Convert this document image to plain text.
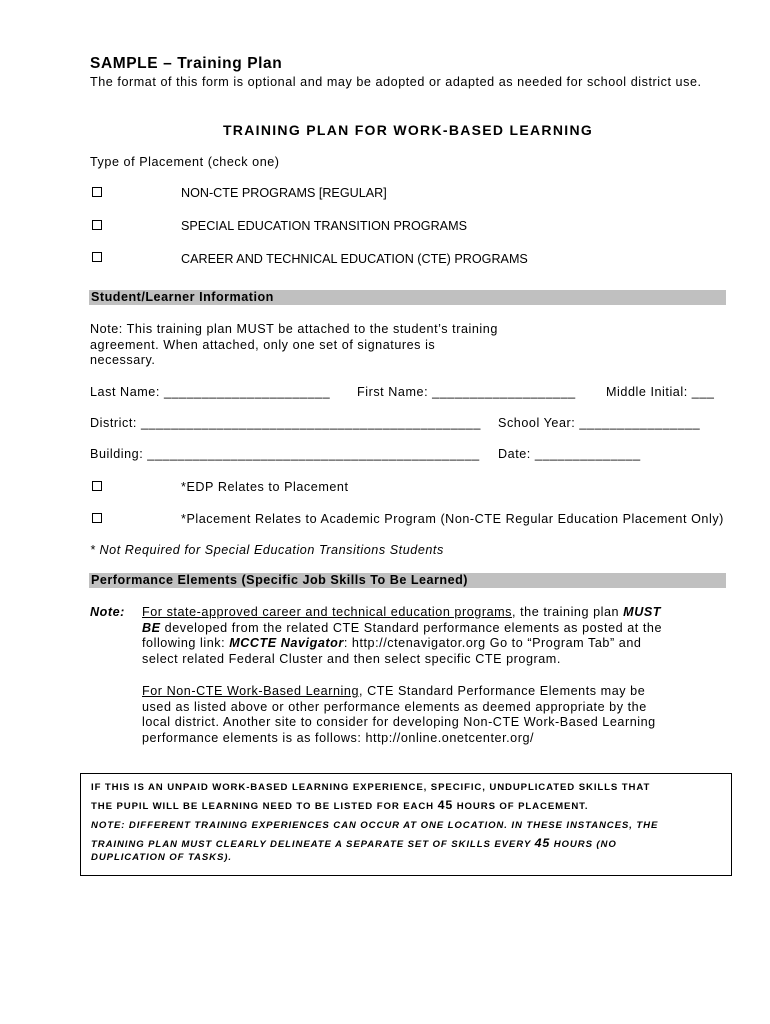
SAMPLE – Training Plan
The format of this form is optional and may be adopted or adapted as needed for school district use.
TRAINING PLAN FOR WORK-BASED LEARNING
Type of Placement (check one)
NON-CTE PROGRAMS [REGULAR]
SPECIAL EDUCATION TRANSITION PROGRAMS
CAREER AND TECHNICAL EDUCATION (CTE) PROGRAMS
Student/Learner Information
Note: This training plan MUST be attached to the student’s training
agreement. When attached, only one set of signatures is
necessary.
Last Name: ______________________ First Name: ___________________ Middle Initial: ___
District: _____________________________________________ School Year: ________________
Building: ____________________________________________ Date: ______________
*EDP Relates to Placement
*Placement Relates to Academic Program (Non-CTE Regular Education Placement Only)
* Not Required for Special Education Transitions Students
Performance Elements (Specific Job Skills To Be Learned)
Note: For state-approved career and technical education programs, the training plan MUST
BE developed from the related CTE Standard performance elements as posted at the
following link: MCCTE Navigator: http://ctenavigator.org Go to “Program Tab” and
select related Federal Cluster and then select specific CTE program.
For Non-CTE Work-Based Learning, CTE Standard Performance Elements may be
used as listed above or other performance elements as deemed appropriate by the
local district. Another site to consider for developing Non-CTE Work-Based Learning
performance elements is as follows: http://online.onetcenter.org/
IF THIS IS AN UNPAID WORK-BASED LEARNING EXPERIENCE, SPECIFIC, UNDUPLICATED SKILLS THAT
THE PUPIL WILL BE LEARNING NEED TO BE LISTED FOR EACH 45 HOURS OF PLACEMENT.
NOTE: DIFFERENT TRAINING EXPERIENCES CAN OCCUR AT ONE LOCATION. IN THESE INSTANCES, THE
TRAINING PLAN MUST CLEARLY DELINEATE A SEPARATE SET OF SKILLS EVERY 45 HOURS (NO
DUPLICATION OF TASKS).
